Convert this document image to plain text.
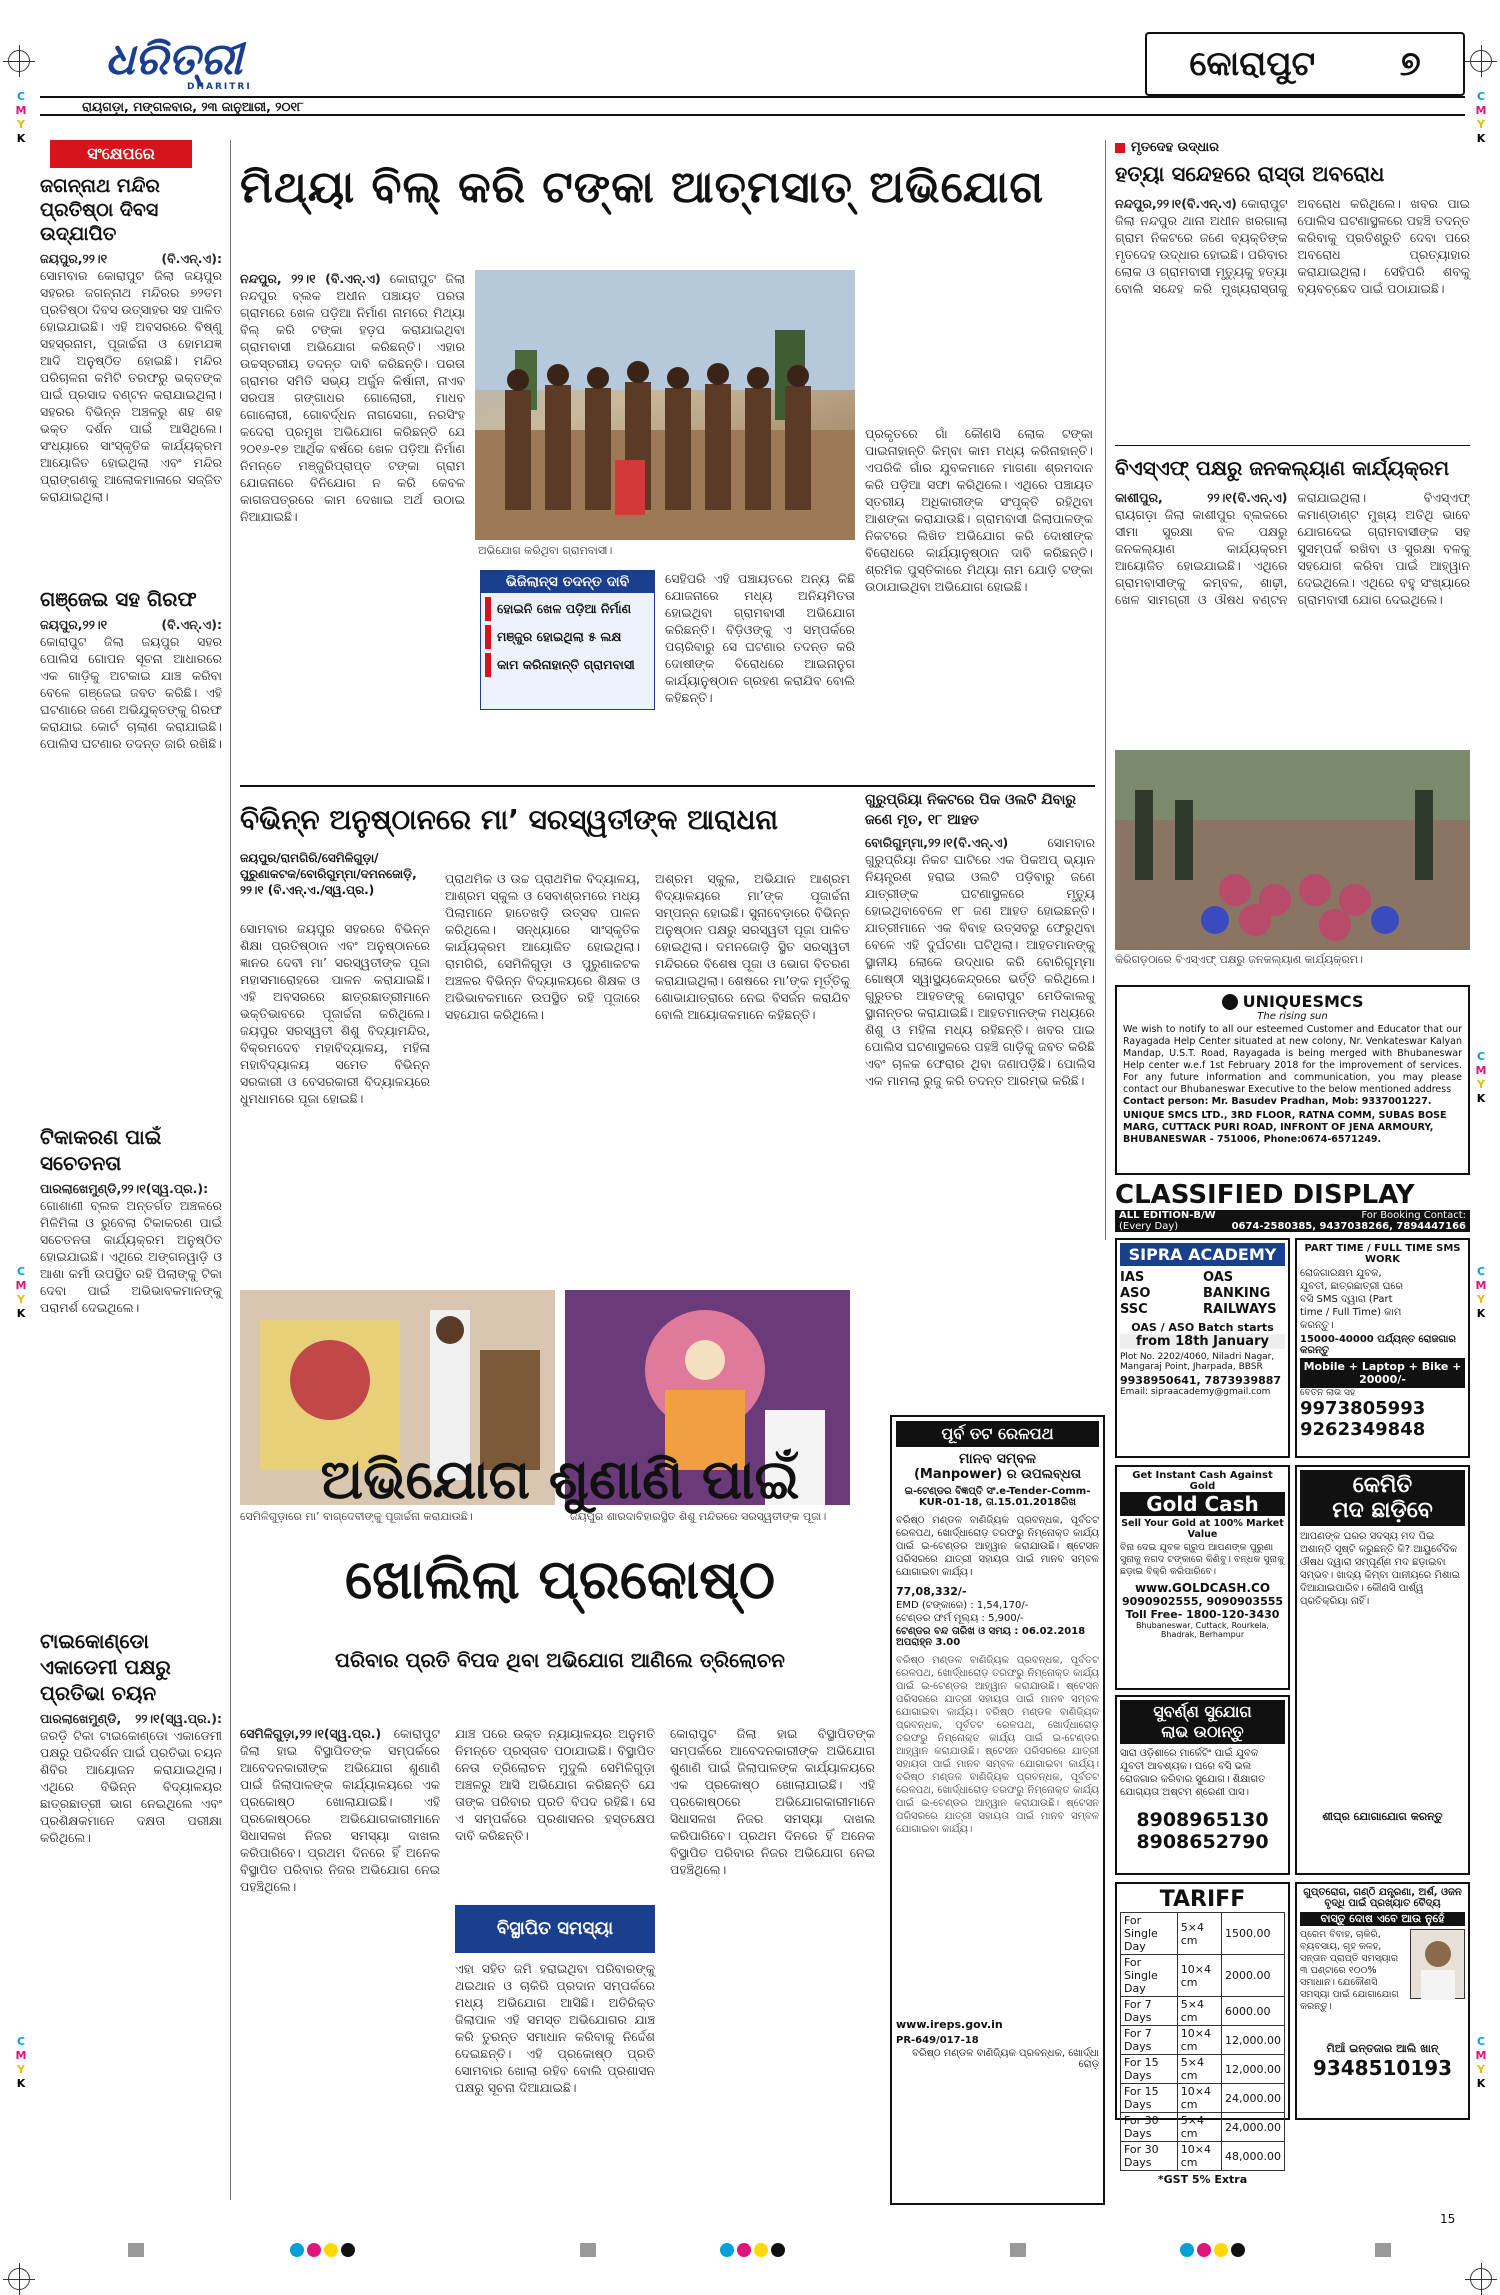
C
M
Y
K
C
M
Y
K
C
M
Y
K
C
M
Y
K
C
M
Y
K
C
M
Y
K
C
M
Y
K
ଧରିତ୍ରୀ
DHARITRI
କୋରାପୁଟ ୭
ରାୟଗଡ଼ା, ମଙ୍ଗଳବାର, ୨୩ ଜାନୁଆରୀ, ୨୦୧୮
ସଂକ୍ଷେପରେ
ଜଗନ୍ନାଥ ମନ୍ଦିର ପ୍ରତିଷ୍ଠା ଦିବସ ଉଦ୍‌ଯାପିତ
ଜୟପୁର,୨୨।୧ (ବି.ଏନ୍.ଏ): ସୋମବାର କୋରାପୁଟ ଜିଲା ଜୟପୁର ସହରର ଜଗନ୍ନାଥ ମନ୍ଦିରର ୭୨ତମ ପ୍ରତିଷ୍ଠା ଦିବସ ଉତ୍ସାହର ସହ ପାଳିତ ହୋଇଯାଇଛି। ଏହି ଅବସରରେ ବିଷ୍ଣୁ ସହସ୍ରନାମ, ପୂଜାର୍ଚ୍ଚନା ଓ ହୋମଯଜ୍ଞ ଆଦି ଅନୁଷ୍ଠିତ ହୋଇଛି। ମନ୍ଦିର ପରିଚାଳନା କମିଟି ତରଫରୁ ଭକ୍ତଙ୍କ ପାଇଁ ପ୍ରସାଦ ବଣ୍ଟନ କରାଯାଇଥିଲା। ସହରର ବିଭିନ୍ନ ଅଞ୍ଚଳରୁ ଶହ ଶହ ଭକ୍ତ ଦର୍ଶନ ପାଇଁ ଆସିଥିଲେ। ସଂଧ୍ୟାରେ ସାଂସ୍କୃତିକ କାର୍ଯ୍ୟକ୍ରମ ଆୟୋଜିତ ହୋଇଥିଲା ଏବଂ ମନ୍ଦିର ପ୍ରାଙ୍ଗଣକୁ ଆଲୋକମାଳାରେ ସଜ୍ଜିତ କରାଯାଇଥିଲା।
ଗଞ୍ଜେଇ ସହ ଗିରଫ
ଜୟପୁର,୨୨।୧ (ବି.ଏନ୍.ଏ): କୋରାପୁଟ ଜିଲା ଜୟପୁର ସହର ପୋଲିସ ଗୋପନ ସୂଚନା ଆଧାରରେ ଏକ ଗାଡ଼ିକୁ ଅଟକାଇ ଯାଞ୍ଚ କରିବା ବେଳେ ଗଞ୍ଜେଇ ଜବତ କରିଛି। ଏହି ଘଟଣାରେ ଜଣେ ଅଭିଯୁକ୍ତଙ୍କୁ ଗିରଫ କରାଯାଇ କୋର୍ଟ ଚାଲାଣ କରାଯାଇଛି। ପୋଲିସ ଘଟଣାର ତଦନ୍ତ ଜାରି ରଖିଛି।
ଟିକାକରଣ ପାଇଁ ସଚେତନତା
ପାରଲାଖେମୁଣ୍ଡି,୨୨।୧(ସ୍ୱ.ପ୍ର.): ଗୋଶାଣୀ ବ୍ଲକ ଅନ୍ତର୍ଗତ ଅଞ୍ଚଳରେ ମିଳିମିଳା ଓ ରୁବେଲା ଟିକାକରଣ ପାଇଁ ସଚେତନତା କାର୍ଯ୍ୟକ୍ରମ ଅନୁଷ୍ଠିତ ହୋଇଯାଇଛି। ଏଥିରେ ଅଙ୍ଗନୱାଡ଼ି ଓ ଆଶା କର୍ମୀ ଉପସ୍ଥିତ ରହି ପିଲାଙ୍କୁ ଟିକା ଦେବା ପାଇଁ ଅଭିଭାବକମାନଙ୍କୁ ପରାମର୍ଶ ଦେଇଥିଲେ।
ଟାଇକୋଣ୍ଡୋ ଏକାଡେମୀ ପକ୍ଷରୁ ପ୍ରତିଭା ଚୟନ
ପାରଲାଖେମୁଣ୍ଡି, ୨୨।୧(ସ୍ୱ.ପ୍ର.): ଜରଡ଼ି ଟିକା ଟାଇକୋଣ୍ଡୋ ଏକାଡେମୀ ପକ୍ଷରୁ ପରିଦର୍ଶନ ପାଇଁ ପ୍ରତିଭା ଚୟନ ଶିବିର ଆୟୋଜନ କରାଯାଇଥିଲା। ଏଥିରେ ବିଭିନ୍ନ ବିଦ୍ୟାଳୟର ଛାତ୍ରଛାତ୍ରୀ ଭାଗ ନେଇଥିଲେ ଏବଂ ପ୍ରଶିକ୍ଷକମାନେ ଦକ୍ଷତା ପରୀକ୍ଷା କରିଥିଲେ।
ମିଥ୍ୟା ବିଲ୍ କରି ଟଙ୍କା ଆତ୍ମସାତ୍ ଅଭିଯୋଗ
ନନ୍ଦପୁର, ୨୨।୧ (ବି.ଏନ୍.ଏ) କୋରାପୁଟ ଜିଲା ନନ୍ଦପୁର ବ୍ଲକ ଅଧୀନ ପଞ୍ଚାୟତ ପରତା ଗ୍ରାମରେ ଖେଳ ପଡ଼ିଆ ନିର୍ମାଣ ନାମରେ ମିଥ୍ୟା ବିଲ୍ କରି ଟଙ୍କା ହଡ଼ପ କରାଯାଇଥିବା ଗ୍ରାମବାସୀ ଅଭିଯୋଗ କରିଛନ୍ତି। ଏହାର ଉଚ୍ଚସ୍ତରୀୟ ତଦନ୍ତ ଦାବି କରିଛନ୍ତି। ପରତା ଗ୍ରାମର ସମିତି ସଭ୍ୟ ଅର୍ଜୁନ କିର୍ଷାନୀ, ନାଏବ ସରପଞ୍ଚ ଗଙ୍ଗାଧର ଗୋଲୋରୀ, ମାଧବ ଗୋଲୋରୀ, ଗୋବର୍ଦ୍ଧନ ନାଗସେଗା, ନରସିଂହ କଦେରା ପ୍ରମୁଖ ଅଭିଯୋଗ କରିଛନ୍ତି ଯେ ୨୦୧୬-୧୭ ଆର୍ଥିକ ବର୍ଷରେ ଖେଳ ପଡ଼ିଆ ନିର୍ମାଣ ନିମନ୍ତେ ମଞ୍ଜୁରିପ୍ରାପ୍ତ ଟଙ୍କା ଗ୍ରାମ ଯୋଜନାରେ ବିନିଯୋଗ ନ କରି କେବଳ କାଗଜପତ୍ରରେ କାମ ଦେଖାଇ ଅର୍ଥ ଉଠାଇ ନିଆଯାଇଛି।
ଅଭିଯୋଗ କରିଥିବା ଗ୍ରାମବାସୀ।
ପ୍ରକୃତରେ ଗାଁ କୌଣସି ଲୋକ ଟଙ୍କା ପାଇନାହାନ୍ତି କିମ୍ବା କାମ ମଧ୍ୟ କରିନାହାନ୍ତି। ଏପରିକି ଗାଁର ଯୁବକମାନେ ମାଗଣା ଶ୍ରମଦାନ କରି ପଡ଼ିଆ ସଫା କରିଥିଲେ। ଏଥିରେ ପଞ୍ଚାୟତ ସ୍ତରୀୟ ଅଧିକାରୀଙ୍କ ସଂପୃକ୍ତି ରହିଥିବା ଆଶଙ୍କା କରାଯାଉଛି। ଗ୍ରାମବାସୀ ଜିଲାପାଳଙ୍କ ନିକଟରେ ଲିଖିତ ଅଭିଯୋଗ କରି ଦୋଷୀଙ୍କ ବିରୋଧରେ କାର୍ଯ୍ୟାନୁଷ୍ଠାନ ଦାବି କରିଛନ୍ତି। ଶ୍ରମିକ ପୁସ୍ତିକାରେ ମିଥ୍ୟା ନାମ ଯୋଡ଼ି ଟଙ୍କା ଉଠାଯାଇଥିବା ଅଭିଯୋଗ ହୋଇଛି।
ଭିଜିଲାନ୍ସ ତଦନ୍ତ ଦାବି
ହୋଇନି ଖେଳ ପଡ଼ିଆ ନିର୍ମାଣ
ମଞ୍ଜୁର ହୋଇଥିଲା ୫ ଲକ୍ଷ
କାମ କରିନାହାନ୍ତି ଗ୍ରାମବାସୀ
ସେହିପରି ଏହି ପଞ୍ଚାୟତରେ ଅନ୍ୟ କିଛି ଯୋଜନାରେ ମଧ୍ୟ ଅନିୟମିତତା ହୋଇଥିବା ଗ୍ରାମବାସୀ ଅଭିଯୋଗ କରିଛନ୍ତି। ବିଡ଼ିଓଙ୍କୁ ଏ ସମ୍ପର୍କରେ ପଚାରିବାରୁ ସେ ଘଟଣାର ତଦନ୍ତ କରି ଦୋଷୀଙ୍କ ବିରୋଧରେ ଆଇନାନୁଗ କାର୍ଯ୍ୟାନୁଷ୍ଠାନ ଗ୍ରହଣ କରାଯିବ ବୋଲି କହିଛନ୍ତି।
ମୃତଦେହ ଉଦ୍ଧାର
ହତ୍ୟା ସନ୍ଦେହରେ ରାସ୍ତା ଅବରୋଧ
ନନ୍ଦପୁର,୨୨।୧(ବି.ଏନ୍.ଏ) କୋରାପୁଟ ଜିଲା ନନ୍ଦପୁର ଥାନା ଅଧୀନ ଖରଗାଲା ଗ୍ରାମ ନିକଟରେ ଜଣେ ବ୍ୟକ୍ତିଙ୍କ ମୃତଦେହ ଉଦ୍ଧାର ହୋଇଛି। ପରିବାର ଲୋକ ଓ ଗ୍ରାମବାସୀ ମୃତ୍ୟୁକୁ ହତ୍ୟା ବୋଲି ସନ୍ଦେହ କରି ମୁଖ୍ୟରାସ୍ତାକୁ ଅବରୋଧ କରିଥିଲେ। ଖବର ପାଇ ପୋଲିସ ଘଟଣାସ୍ଥଳରେ ପହଞ୍ଚି ତଦନ୍ତ କରିବାକୁ ପ୍ରତିଶ୍ରୁତି ଦେବା ପରେ ଅବରୋଧ ପ୍ରତ୍ୟାହାର କରାଯାଇଥିଲା। ସେହିପରି ଶବକୁ ବ୍ୟବଚ୍ଛେଦ ପାଇଁ ପଠାଯାଇଛି।
ବିଏସ୍‌ଏଫ୍ ପକ୍ଷରୁ ଜନକଲ୍ୟାଣ କାର୍ଯ୍ୟକ୍ରମ
କାଶୀପୁର, ୨୨।୧(ବି.ଏନ୍.ଏ) ରାୟଗଡ଼ା ଜିଲା କାଶୀପୁର ବ୍ଲକରେ ସୀମା ସୁରକ୍ଷା ବଳ ପକ୍ଷରୁ ଜନକଲ୍ୟାଣ କାର୍ଯ୍ୟକ୍ରମ ଆୟୋଜିତ ହୋଇଯାଇଛି। ଏଥିରେ ଗ୍ରାମବାସୀଙ୍କୁ କମ୍ବଳ, ଶାଢ଼ୀ, ଖେଳ ସାମଗ୍ରୀ ଓ ଔଷଧ ବଣ୍ଟନ କରାଯାଇଥିଲା। ବିଏସ୍‌ଏଫ୍ କମାଣ୍ଡାଣ୍ଟ ମୁଖ୍ୟ ଅତିଥି ଭାବେ ଯୋଗଦେଇ ଗ୍ରାମବାସୀଙ୍କ ସହ ସୁସମ୍ପର୍କ ରଖିବା ଓ ସୁରକ୍ଷା ବଳକୁ ସହଯୋଗ କରିବା ପାଇଁ ଆହ୍ୱାନ ଦେଇଥିଲେ। ଏଥିରେ ବହୁ ସଂଖ୍ୟାରେ ଗ୍ରାମବାସୀ ଯୋଗ ଦେଇଥିଲେ।
କିରିଗଡ଼ଠାରେ ବିଏସ୍‌ଏଫ୍ ପକ୍ଷରୁ ଜନକଲ୍ୟାଣ କାର୍ଯ୍ୟକ୍ରମ।
UNIQUESMCS
The rising sun
We wish to notify to all our esteemed Customer and Educator that our Rayagada Help Center situated at new colony, Nr. Venkateswar Kalyan Mandap, U.S.T. Road, Rayagada is being merged with Bhubaneswar Help center w.e.f 1st February 2018 for the improvement of services. For any future information and communication, you may please contact our Bhubaneswar Executive to the below mentioned address
Contact person: Mr. Basudev Pradhan, Mob: 9337001227.
UNIQUE SMCS LTD., 3RD FLOOR, RATNA COMM, SUBAS BOSE MARG, CUTTACK PURI ROAD, INFRONT OF JENA ARMOURY, BHUBANESWAR - 751006, Phone:0674-6571249.
ବିଭିନ୍ନ ଅନୁଷ୍ଠାନରେ ମା’ ସରସ୍ୱତୀଙ୍କ ଆରାଧନା
ଜୟପୁର/ରାମଗିରି/ସେମିଳିଗୁଡ଼ା/ପୁରୁଣାକଟକ/ବୋରିଗୁମ୍ମା/ଦମନଜୋଡ଼ି, ୨୨।୧ (ବି.ଏନ୍.ଏ./ସ୍ୱ.ପ୍ର.)
ସୋମବାର ଜୟପୁର ସହରରେ ବିଭିନ୍ନ ଶିକ୍ଷା ପ୍ରତିଷ୍ଠାନ ଏବଂ ଅନୁଷ୍ଠାନରେ ଜ୍ଞାନର ଦେବୀ ମା’ ସରସ୍ୱତୀଙ୍କ ପୂଜା ମହାସମାରୋହରେ ପାଳନ କରାଯାଇଛି। ଏହି ଅବସରରେ ଛାତ୍ରଛାତ୍ରୀମାନେ ଭକ୍ତିଭାବରେ ପୂଜାର୍ଚ୍ଚନା କରିଥିଲେ। ଜୟପୁର ସରସ୍ୱତୀ ଶିଶୁ ବିଦ୍ୟାମନ୍ଦିର, ବିକ୍ରମଦେବ ମହାବିଦ୍ୟାଳୟ, ମହିଳା ମହାବିଦ୍ୟାଳୟ ସମେତ ବିଭିନ୍ନ ସରକାରୀ ଓ ବେସରକାରୀ ବିଦ୍ୟାଳୟରେ ଧୁମଧାମରେ ପୂଜା ହୋଇଛି।
ପ୍ରାଥମିକ ଓ ଉଚ୍ଚ ପ୍ରାଥମିକ ବିଦ୍ୟାଳୟ, ଆଶ୍ରମ ସ୍କୁଲ ଓ ସେବାଶ୍ରମରେ ମଧ୍ୟ ପିଲାମାନେ ହାତେଖଡ଼ି ଉତ୍ସବ ପାଳନ କରିଥିଲେ। ସନ୍ଧ୍ୟାରେ ସାଂସ୍କୃତିକ କାର୍ଯ୍ୟକ୍ରମ ଆୟୋଜିତ ହୋଇଥିଲା। ରାମଗିରି, ସେମିଳିଗୁଡ଼ା ଓ ପୁରୁଣାକଟକ ଅଞ୍ଚଳର ବିଭିନ୍ନ ବିଦ୍ୟାଳୟରେ ଶିକ୍ଷକ ଓ ଅଭିଭାବକମାନେ ଉପସ୍ଥିତ ରହି ପୂଜାରେ ସହଯୋଗ କରିଥିଲେ।
ଅଶ୍ରମ ସ୍କୁଲ, ଅଭିଯାନ ଆଶ୍ରମ ବିଦ୍ୟାଳୟରେ ମା’ଙ୍କ ପୂଜାର୍ଚ୍ଚନା ସମ୍ପନ୍ନ ହୋଇଛି। ସୁନାବେଡ଼ାରେ ବିଭିନ୍ନ ଅନୁଷ୍ଠାନ ପକ୍ଷରୁ ସରସ୍ୱତୀ ପୂଜା ପାଳିତ ହୋଇଥିଲା। ଦମନଜୋଡ଼ି ସ୍ଥିତ ସରସ୍ୱତୀ ମନ୍ଦିରରେ ବିଶେଷ ପୂଜା ଓ ଭୋଗ ବିତରଣ କରାଯାଇଥିଲା। ଶେଷରେ ମା’ଙ୍କ ମୂର୍ତ୍ତିକୁ ଶୋଭାଯାତ୍ରାରେ ନେଇ ବିସର୍ଜନ କରାଯିବ ବୋଲି ଆୟୋଜକମାନେ କହିଛନ୍ତି।
ସେମିଳିଗୁଡ଼ାରେ ମା’ ବାଗ୍‌ଦେବୀଙ୍କୁ ପୂଜାର୍ଚ୍ଚନା କରାଯାଉଛି।	ଜୟପୁର ଶାରଦାବିହାରସ୍ଥିତ ଶିଶୁ ମନ୍ଦିରରେ ସରସ୍ୱତୀଙ୍କ ପୂଜା।
ଗୁରୁପ୍ରିୟା ନିକଟରେ ପିକ ଓଲଟି ଯିବାରୁ ଜଣେ ମୃତ, ୧୮ ଆହତ
ବୋରିଗୁମ୍ମା,୨୨।୧(ବି.ଏନ୍.ଏ)	ସୋମବାର ଗୁରୁପ୍ରିୟା ନିକଟ ଘାଟିରେ ଏକ ପିକଅପ୍ ଭ୍ୟାନ ନିୟନ୍ତ୍ରଣ ହରାଇ ଓଲଟି ପଡ଼ିବାରୁ ଜଣେ ଯାତ୍ରୀଙ୍କ ଘଟଣାସ୍ଥଳରେ ମୃତ୍ୟୁ ହୋଇଥିବାବେଳେ ୧୮ ଜଣ ଆହତ ହୋଇଛନ୍ତି। ଯାତ୍ରୀମାନେ ଏକ ବିବାହ ଉତ୍ସବରୁ ଫେରୁଥିବା ବେଳେ ଏହି ଦୁର୍ଘଟଣା ଘଟିଥିଲା। ଆହତମାନଙ୍କୁ ସ୍ଥାନୀୟ ଲୋକେ ଉଦ୍ଧାର କରି ବୋରିଗୁମ୍ମା ଗୋଷ୍ଠୀ ସ୍ୱାସ୍ଥ୍ୟକେନ୍ଦ୍ରରେ ଭର୍ତ୍ତି କରିଥିଲେ। ଗୁରୁତର ଆହତଙ୍କୁ କୋରାପୁଟ ମେଡିକାଲକୁ ସ୍ଥାନାନ୍ତର କରାଯାଇଛି। ଆହତମାନଙ୍କ ମଧ୍ୟରେ ଶିଶୁ ଓ ମହିଳା ମଧ୍ୟ ରହିଛନ୍ତି। ଖବର ପାଇ ପୋଲିସ ଘଟଣାସ୍ଥଳରେ ପହଞ୍ଚି ଗାଡ଼ିକୁ ଜବତ କରିଛି ଏବଂ ଚାଳକ ଫେରାର ଥିବା ଜଣାପଡ଼ିଛି। ପୋଲିସ ଏକ ମାମଲା ରୁଜୁ କରି ତଦନ୍ତ ଆରମ୍ଭ କରିଛି।
ଅଭିଯୋଗ ଶୁଣାଣି ପାଇଁ
ଖୋଲିଲା ପ୍ରକୋଷ୍ଠ
ପରିବାର ପ୍ରତି ବିପଦ ଥିବା ଅଭିଯୋଗ ଆଣିଲେ ତ୍ରିଲୋଚନ
ସେମିଳିଗୁଡ଼ା,୨୨।୧(ସ୍ୱ.ପ୍ର.) କୋରାପୁଟ ଜିଲା ହାଇ ବିସ୍ଥାପିତଙ୍କ ସମ୍ପର୍କରେ ଆବେଦନକାରୀଙ୍କ ଅଭିଯୋଗ ଶୁଣାଣି ପାଇଁ ଜିଲାପାଳଙ୍କ କାର୍ଯ୍ୟାଳୟରେ ଏକ ପ୍ରକୋଷ୍ଠ ଖୋଲାଯାଇଛି। ଏହି ପ୍ରକୋଷ୍ଠରେ ଅଭିଯୋଗକାରୀମାନେ ସିଧାସଳଖ ନିଜର ସମସ୍ୟା ଦାଖଲ କରିପାରିବେ। ପ୍ରଥମ ଦିନରେ ହିଁ ଅନେକ ବିସ୍ଥାପିତ ପରିବାର ନିଜର ଅଭିଯୋଗ ନେଇ ପହଞ୍ଚିଥିଲେ।
ଯାଞ୍ଚ ପରେ ଉକ୍ତ ନ୍ୟାୟାଳୟର ଅନୁମତି ନିମନ୍ତେ ପ୍ରସ୍ତାବ ପଠାଯାଇଛି। ବିସ୍ଥାପିତ ନେତା ତ୍ରିଲୋଚନ ମୁଦୁଲି ସେମିଳିଗୁଡ଼ା ଅଞ୍ଚଳରୁ ଆସି ଅଭିଯୋଗ କରିଛନ୍ତି ଯେ ତାଙ୍କ ପରିବାର ପ୍ରତି ବିପଦ ରହିଛି। ସେ ଏ ସମ୍ପର୍କରେ ପ୍ରଶାସନର ହସ୍ତକ୍ଷେପ ଦାବି କରିଛନ୍ତି।
ବିସ୍ଥାପିତ ସମସ୍ୟା
ଏହା ସହିତ ଜମି ହରାଇଥିବା ପରିବାରଙ୍କୁ ଥଇଥାନ ଓ ଚାକିରି ପ୍ରଦାନ ସମ୍ପର୍କରେ ମଧ୍ୟ ଅଭିଯୋଗ ଆସିଛି। ଅତିରିକ୍ତ ଜିଲାପାଳ ଏହି ସମସ୍ତ ଅଭିଯୋଗର ଯାଞ୍ଚ କରି ତୁରନ୍ତ ସମାଧାନ କରିବାକୁ ନିର୍ଦ୍ଦେଶ ଦେଇଛନ୍ତି। ଏହି ପ୍ରକୋଷ୍ଠ ପ୍ରତି ସୋମବାର ଖୋଲା ରହିବ ବୋଲି ପ୍ରଶାସନ ପକ୍ଷରୁ ସୂଚନା ଦିଆଯାଇଛି।
କୋରାପୁଟ ଜିଲା ହାଇ ବିସ୍ଥାପିତଙ୍କ ସମ୍ପର୍କରେ ଆବେଦନକାରୀଙ୍କ ଅଭିଯୋଗ ଶୁଣାଣି ପାଇଁ ଜିଲାପାଳଙ୍କ କାର୍ଯ୍ୟାଳୟରେ ଏକ ପ୍ରକୋଷ୍ଠ ଖୋଲାଯାଇଛି। ଏହି ପ୍ରକୋଷ୍ଠରେ ଅଭିଯୋଗକାରୀମାନେ ସିଧାସଳଖ ନିଜର ସମସ୍ୟା ଦାଖଲ କରିପାରିବେ। ପ୍ରଥମ ଦିନରେ ହିଁ ଅନେକ ବିସ୍ଥାପିତ ପରିବାର ନିଜର ଅଭିଯୋଗ ନେଇ ପହଞ୍ଚିଥିଲେ।
ପୂର୍ବ ତଟ ରେଳପଥ
ମାନବ ସମ୍ବଳ
(Manpower) ର ଉପଲବ୍ଧତା
ଇ-ଟେଣ୍ଡର ବିଜ୍ଞପ୍ତି ସଂ.e-Tender-Comm-KUR-01-18, ତା.15.01.2018ରିଖ
ବରିଷ୍ଠ ମଣ୍ଡଳ ବାଣିଜ୍ୟିକ ପ୍ରବନ୍ଧକ, ପୂର୍ବତଟ ରେଳପଥ, ଖୋର୍ଦ୍ଧାରୋଡ଼ ତରଫରୁ ନିମ୍ନୋକ୍ତ କାର୍ଯ୍ୟ ପାଇଁ ଇ-ଟେଣ୍ଡର ଆହ୍ୱାନ କରାଯାଉଛି। ଷ୍ଟେସନ ପରିସରରେ ଯାତ୍ରୀ ସହାୟତା ପାଇଁ ମାନବ ସମ୍ବଳ ଯୋଗାଇବା କାର୍ଯ୍ୟ।
77,08,332/-
EMD (ଟଙ୍କାରେ) : 1,54,170/-
ଟେଣ୍ଡର ଫର୍ମ ମୂଲ୍ୟ : 5,900/-
ଟେଣ୍ଡର ବନ୍ଦ ତାରିଖ ଓ ସମୟ : 06.02.2018 ଅପରାହ୍ନ 3.00
ବରିଷ୍ଠ ମଣ୍ଡଳ ବାଣିଜ୍ୟିକ ପ୍ରବନ୍ଧକ, ପୂର୍ବତଟ ରେଳପଥ, ଖୋର୍ଦ୍ଧାରୋଡ଼ ତରଫରୁ ନିମ୍ନୋକ୍ତ କାର୍ଯ୍ୟ ପାଇଁ ଇ-ଟେଣ୍ଡର ଆହ୍ୱାନ କରାଯାଉଛି। ଷ୍ଟେସନ ପରିସରରେ ଯାତ୍ରୀ ସହାୟତା ପାଇଁ ମାନବ ସମ୍ବଳ ଯୋଗାଇବା କାର୍ଯ୍ୟ। ବରିଷ୍ଠ ମଣ୍ଡଳ ବାଣିଜ୍ୟିକ ପ୍ରବନ୍ଧକ, ପୂର୍ବତଟ ରେଳପଥ, ଖୋର୍ଦ୍ଧାରୋଡ଼ ତରଫରୁ ନିମ୍ନୋକ୍ତ କାର୍ଯ୍ୟ ପାଇଁ ଇ-ଟେଣ୍ଡର ଆହ୍ୱାନ କରାଯାଉଛି। ଷ୍ଟେସନ ପରିସରରେ ଯାତ୍ରୀ ସହାୟତା ପାଇଁ ମାନବ ସମ୍ବଳ ଯୋଗାଇବା କାର୍ଯ୍ୟ। ବରିଷ୍ଠ ମଣ୍ଡଳ ବାଣିଜ୍ୟିକ ପ୍ରବନ୍ଧକ, ପୂର୍ବତଟ ରେଳପଥ, ଖୋର୍ଦ୍ଧାରୋଡ଼ ତରଫରୁ ନିମ୍ନୋକ୍ତ କାର୍ଯ୍ୟ ପାଇଁ ଇ-ଟେଣ୍ଡର ଆହ୍ୱାନ କରାଯାଉଛି। ଷ୍ଟେସନ ପରିସରରେ ଯାତ୍ରୀ ସହାୟତା ପାଇଁ ମାନବ ସମ୍ବଳ ଯୋଗାଇବା କାର୍ଯ୍ୟ।
www.ireps.gov.in
PR-649/017-18
ବରିଷ୍ଠ ମଣ୍ଡଳ ବାଣିଜ୍ୟିକ ପ୍ରବନ୍ଧକ, ଖୋର୍ଦ୍ଧା ରୋଡ଼
CLASSIFIED DISPLAY
ALL EDITION-B/W
(Every Day)
For Booking Contact:
0674-2580385, 9437038266, 7894447166
SIPRA ACADEMY
IAS	OAS
ASO	BANKING
SSC	RAILWAYS
OAS / ASO Batch starts
from 18th January
Plot No. 2202/4060, Niladri Nagar, Mangaraj Point, Jharpada, BBSR
9938950641, 7873939887
Email: sipraacademy@gmail.com
PART TIME / FULL TIME SMS WORK
ରୋଜଗାରକ୍ଷମ ଯୁବକ, ଯୁବତୀ, ଛାତ୍ରଛାତ୍ରୀ ଘରେ ବସି SMS ଦ୍ୱାରା (Part time / Full Time) କାମ କରନ୍ତୁ।
15000-40000 ପର୍ଯ୍ୟନ୍ତ ରୋଜଗାର କରନ୍ତୁ
Mobile + Laptop + Bike + 20000/-
ବେତନ ଲାଭ ସହ
9973805993
9262349848
Get Instant Cash Against Gold
Gold Cash
Sell Your Gold at 100% Market Value
ବିନା ଦେଇ ଯୁବକ ଗ୍ରୁପ ଆପଣଙ୍କ ପୁରୁଣା ସୁନାକୁ ନଗଦ ଟଙ୍କାରେ କିଣିବୁ। ବନ୍ଧକ ସୁନାକୁ ଛଡ଼ାଇ ବିକ୍ରି କରିପାରିବେ।
www.GOLDCASH.CO
9090902555, 9090903555
Toll Free- 1800-120-3430
Bhubaneswar, Cuttack, Rourkela, Bhadrak, Berhampur
କେମିତି
ମଦ ଛାଡ଼ିବେ
ଆପଣଙ୍କ ଘରର ସଦସ୍ୟ ମଦ ପିଇ ଅଶାନ୍ତି ସୃଷ୍ଟି କରୁଛନ୍ତି କି? ଆୟୁର୍ବେଦିକ ଔଷଧ ଦ୍ୱାରା ସମ୍ପୂର୍ଣ୍ଣ ମଦ ଛଡ଼ାଇବା ସମ୍ଭବ। ଖାଦ୍ୟ କିମ୍ବା ପାନୀୟରେ ମିଶାଇ ଦିଆଯାଇପାରିବ। କୌଣସି ପାର୍ଶ୍ୱ ପ୍ରତିକ୍ରିୟା ନାହିଁ।
ଶୀଘ୍ର ଯୋଗାଯୋଗ କରନ୍ତୁ
ସୁବର୍ଣ୍ଣ ସୁଯୋଗ
ଲାଭ ଉଠାନ୍ତୁ
ସାରା ଓଡ଼ିଶାରେ ମାର୍କେଟିଂ ପାଇଁ ଯୁବକ ଯୁବତୀ ଆବଶ୍ୟକ। ଘରେ ବସି ଭଲ ରୋଜଗାର କରିବାର ସୁଯୋଗ। ଶିକ୍ଷାଗତ ଯୋଗ୍ୟତା ଅଷ୍ଟମ ଶ୍ରେଣୀ ପାସ।
8908965130
8908652790
TARIFF
For Single Day	5×4 cm	1500.00
For Single Day	10×4 cm	2000.00
For 7 Days	5×4 cm	6000.00
For 7 Days	10×4 cm	12,000.00
For 15 Days	5×4 cm	12,000.00
For 15 Days	10×4 cm	24,000.00
For 30 Days	5×4 cm	24,000.00
For 30 Days	10×4 cm	48,000.00
*GST 5% Extra
ଗୁପ୍ତରୋଗ, ଗଣ୍ଠି ଯନ୍ତ୍ରଣା, ଅର୍ଶ, ଓଜନ ବୃଦ୍ଧି ପାଇଁ ପ୍ରଖ୍ୟାତ ବୈଦ୍ୟ
ବାସ୍ତୁ ଦୋଷ ଏବେ ଆଉ ନୁହେଁ
ପ୍ରେମ ବିବାହ, ଚାକିରି, ବ୍ୟବସାୟ, ଗୃହ କଳହ, ସନ୍ତାନ ପ୍ରାପ୍ତି ସମସ୍ୟାର ୩ ଘଣ୍ଟାରେ ୧୦୦% ସମାଧାନ। ଯେକୌଣସି ସମସ୍ୟା ପାଇଁ ଯୋଗାଯୋଗ କରନ୍ତୁ।
ମିଆଁ ଇନ୍ତଜାର ଆଲି ଖାନ୍
9348510193
15
